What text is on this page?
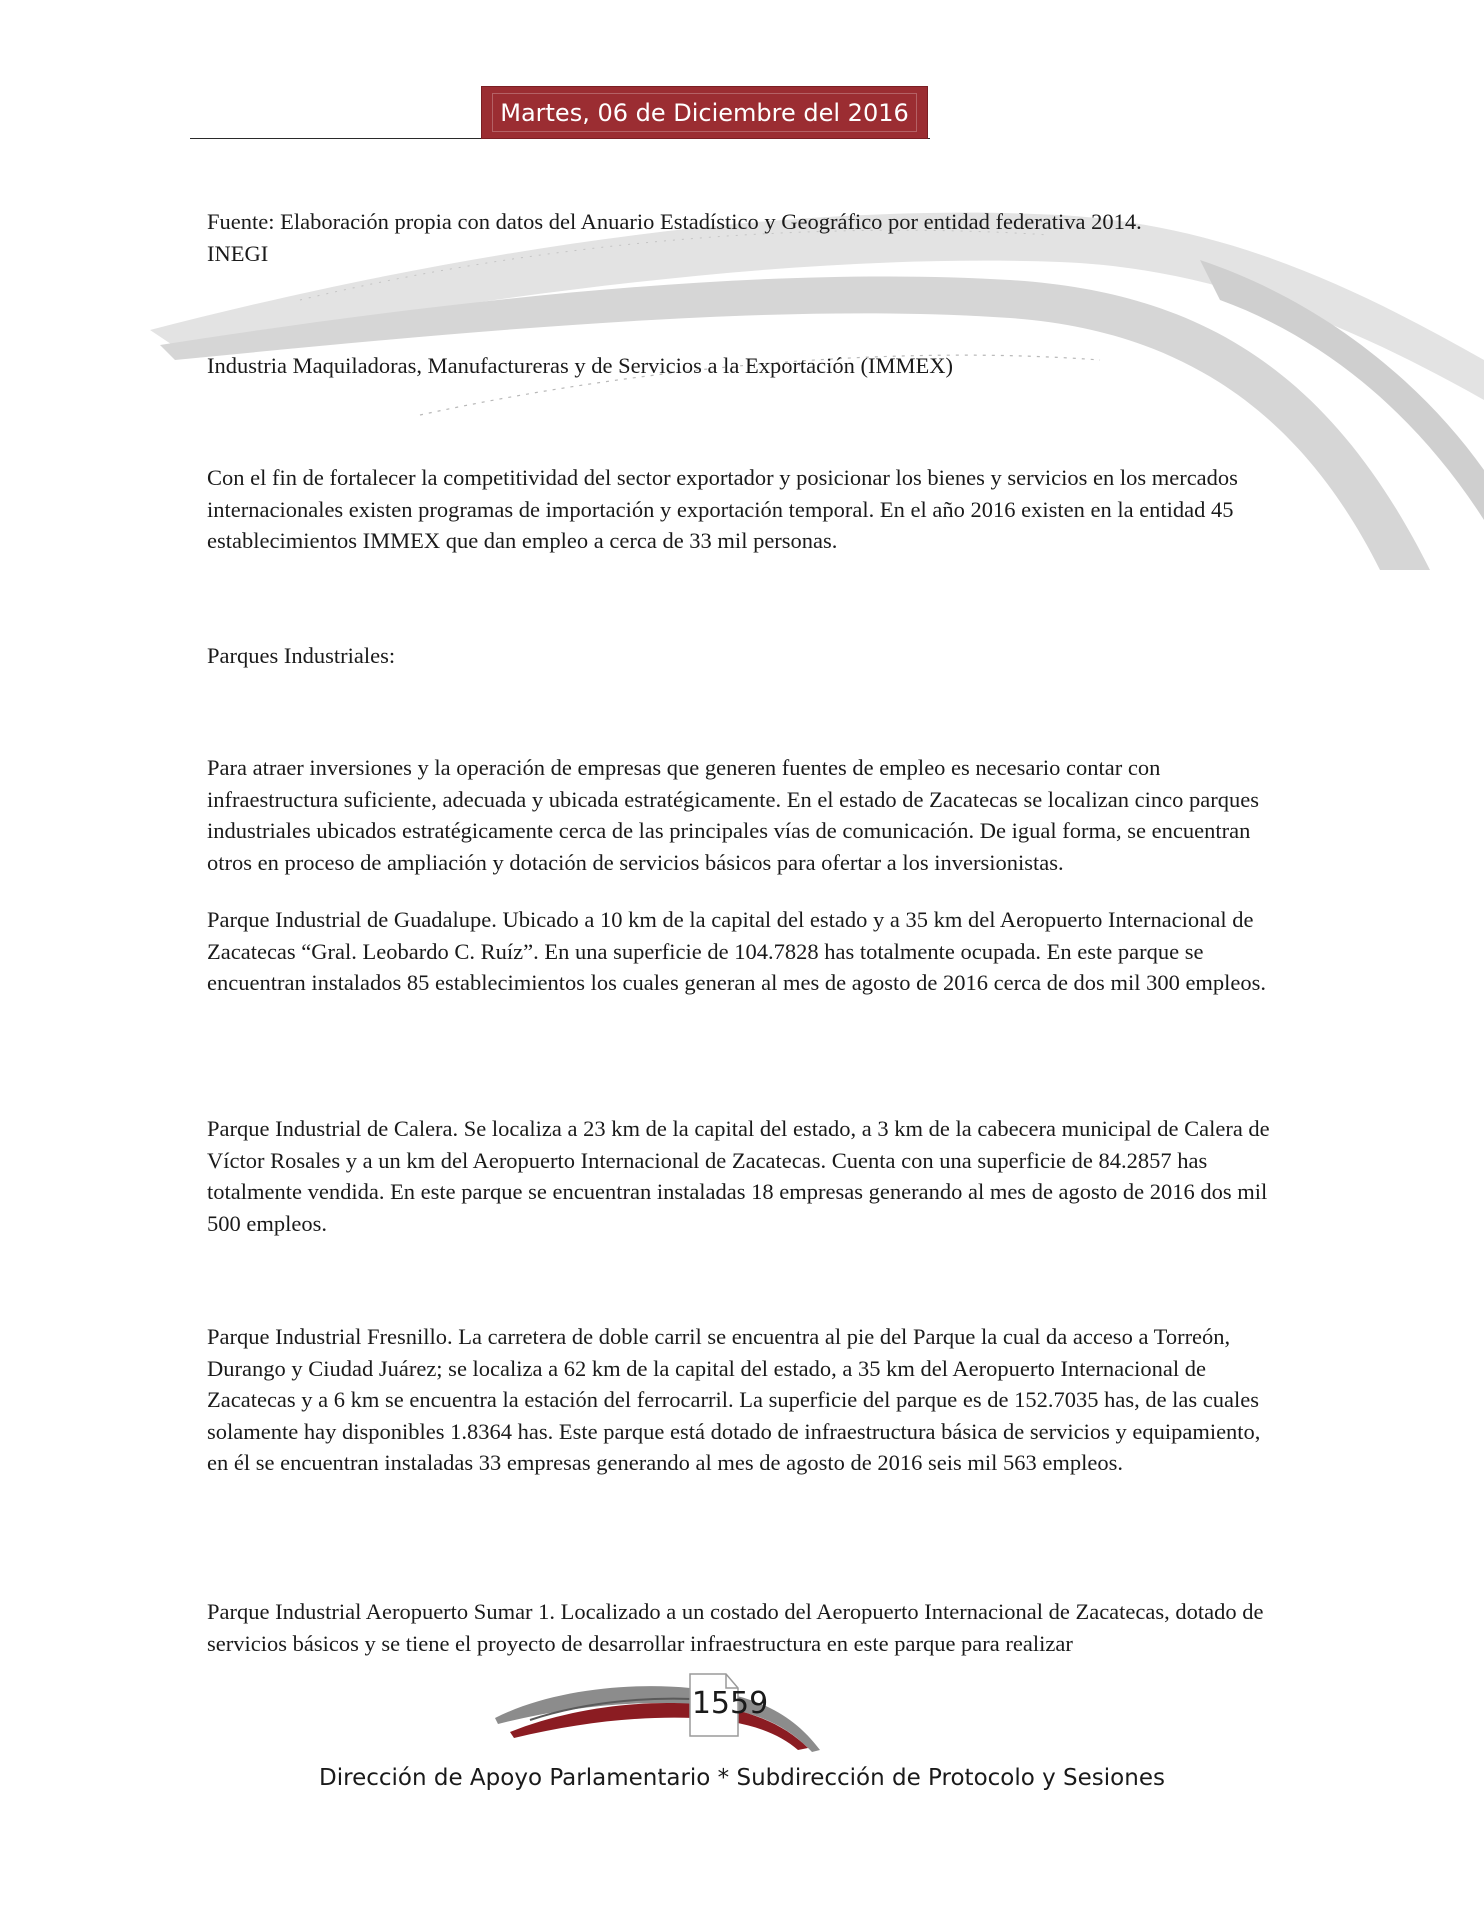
Martes, 06 de Diciembre del 2016

Fuente: Elaboración propia con datos del Anuario Estadístico y Geográfico por entidad federativa 2014.
INEGI

Industria Maquiladoras, Manufactureras y de Servicios a la Exportación (IMMEX)

Con el fin de fortalecer la competitividad del sector exportador y posicionar los bienes y servicios en los mercados internacionales existen programas de importación y exportación temporal. En el año 2016 existen en la entidad 45 establecimientos IMMEX que dan empleo a cerca de 33 mil personas.

Parques Industriales:

Para atraer inversiones y la operación de empresas que generen fuentes de empleo es necesario contar con infraestructura suficiente, adecuada y ubicada estratégicamente. En el estado de Zacatecas se localizan cinco parques industriales ubicados estratégicamente cerca de las principales vías de comunicación. De igual forma, se encuentran otros en proceso de ampliación y dotación de servicios básicos para ofertar a los inversionistas.

Parque Industrial de Guadalupe. Ubicado a 10 km de la capital del estado y a 35 km del Aeropuerto Internacional de Zacatecas “Gral. Leobardo C. Ruíz”. En una superficie de 104.7828 has totalmente ocupada. En este parque se encuentran instalados 85 establecimientos los cuales generan al mes de agosto de 2016 cerca de dos mil 300 empleos.

Parque Industrial de Calera. Se localiza a 23 km de la capital del estado, a 3 km de la cabecera municipal de Calera de Víctor Rosales y a un km del Aeropuerto Internacional de Zacatecas. Cuenta con una superficie de 84.2857 has totalmente vendida. En este parque se encuentran instaladas 18 empresas generando al mes de agosto de 2016 dos mil 500 empleos.

Parque Industrial Fresnillo. La carretera de doble carril se encuentra al pie del Parque la cual da acceso a Torreón, Durango y Ciudad Juárez; se localiza a 62 km de la capital del estado, a 35 km del Aeropuerto Internacional de Zacatecas y a 6 km se encuentra la estación del ferrocarril. La superficie del parque es de 152.7035 has, de las cuales solamente hay disponibles 1.8364 has. Este parque está dotado de infraestructura básica de servicios y equipamiento, en él se encuentran instaladas 33 empresas generando al mes de agosto de 2016 seis mil 563 empleos.

Parque Industrial Aeropuerto Sumar 1. Localizado a un costado del Aeropuerto Internacional de Zacatecas, dotado de servicios básicos y se tiene el proyecto de desarrollar infraestructura en este parque para realizar

1559
Dirección de Apoyo Parlamentario * Subdirección de Protocolo y Sesiones
